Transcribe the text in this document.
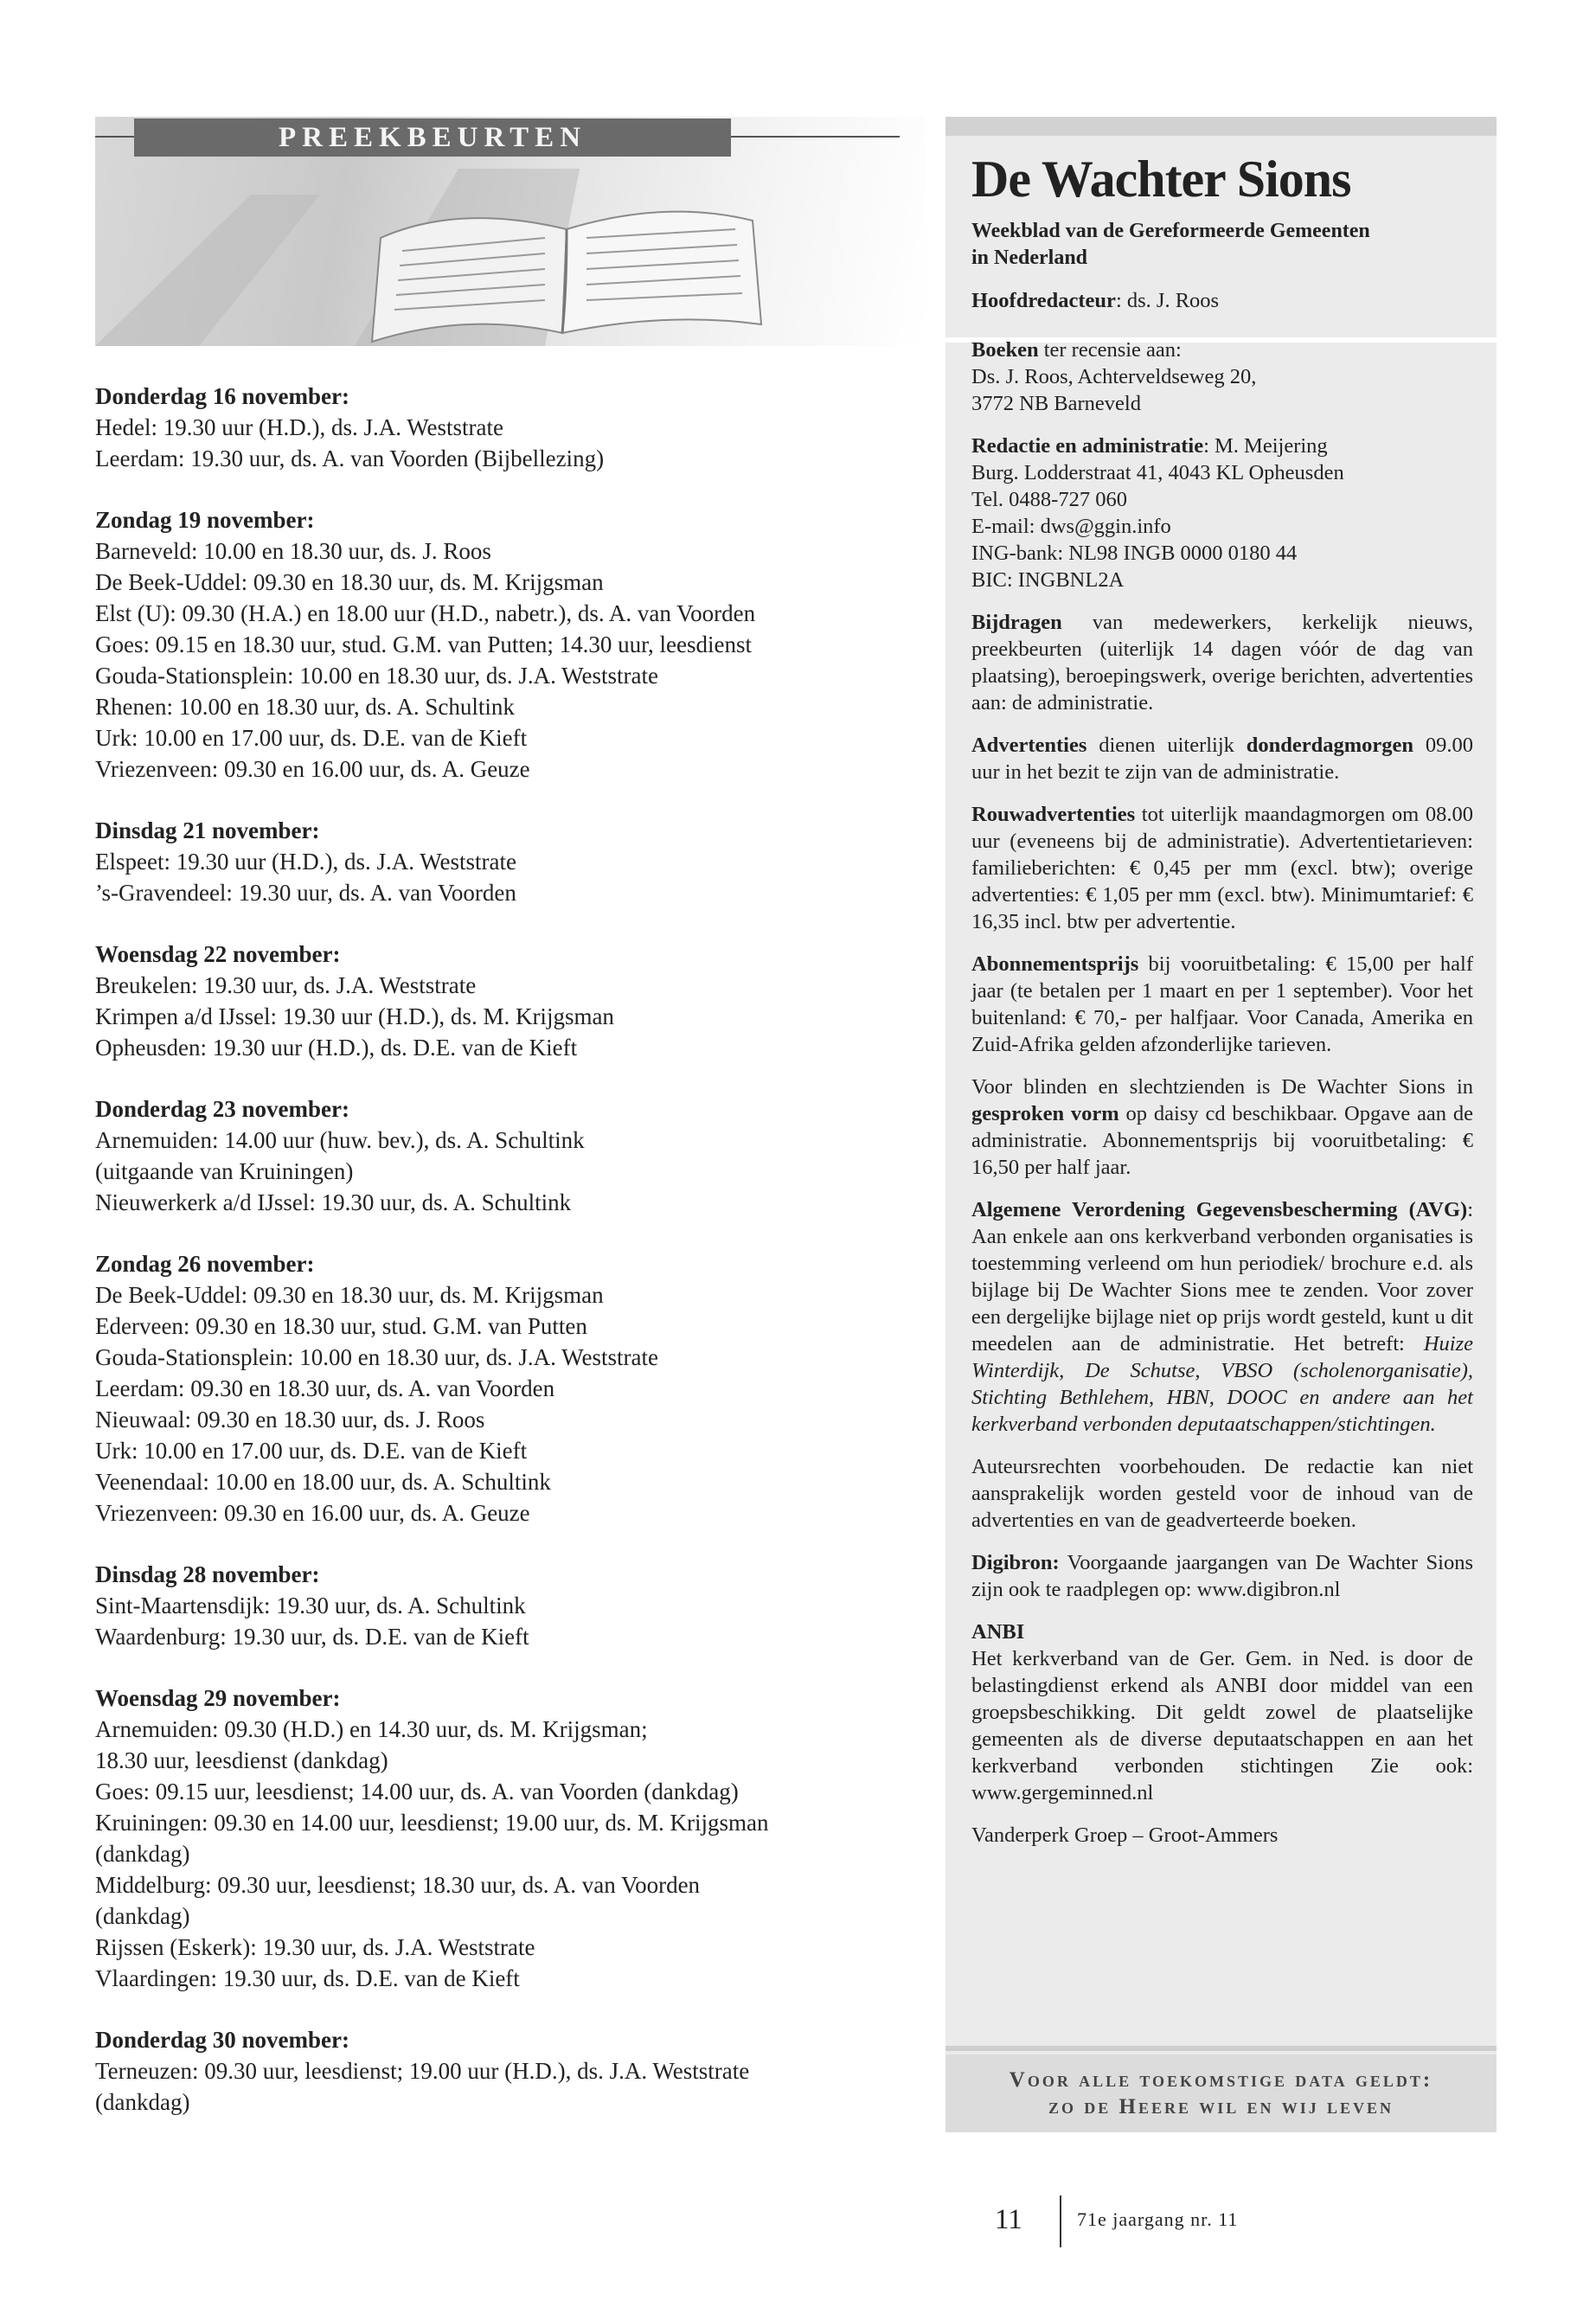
PREEKBEURTEN
Donderdag 16 november:
Hedel: 19.30 uur (H.D.), ds. J.A. Weststrate
Leerdam: 19.30 uur, ds. A. van Voorden (Bijbellezing)
Zondag 19 november:
Barneveld: 10.00 en 18.30 uur, ds. J. Roos
De Beek-Uddel: 09.30 en 18.30 uur, ds. M. Krijgsman
Elst (U): 09.30 (H.A.) en 18.00 uur (H.D., nabetr.), ds. A. van Voorden
Goes: 09.15 en 18.30 uur, stud. G.M. van Putten; 14.30 uur, leesdienst
Gouda-Stationsplein: 10.00 en 18.30 uur, ds. J.A. Weststrate
Rhenen: 10.00 en 18.30 uur, ds. A. Schultink
Urk: 10.00 en 17.00 uur, ds. D.E. van de Kieft
Vriezenveen: 09.30 en 16.00 uur, ds. A. Geuze
Dinsdag 21 november:
Elspeet: 19.30 uur (H.D.), ds. J.A. Weststrate
’s-Gravendeel: 19.30 uur, ds. A. van Voorden
Woensdag 22 november:
Breukelen: 19.30 uur, ds. J.A. Weststrate
Krimpen a/d IJssel: 19.30 uur (H.D.), ds. M. Krijgsman
Opheusden: 19.30 uur (H.D.), ds. D.E. van de Kieft
Donderdag 23 november:
Arnemuiden: 14.00 uur (huw. bev.), ds. A. Schultink
(uitgaande van Kruiningen)
Nieuwerkerk a/d IJssel: 19.30 uur, ds. A. Schultink
Zondag 26 november:
De Beek-Uddel: 09.30 en 18.30 uur, ds. M. Krijgsman
Ederveen: 09.30 en 18.30 uur, stud. G.M. van Putten
Gouda-Stationsplein: 10.00 en 18.30 uur, ds. J.A. Weststrate
Leerdam: 09.30 en 18.30 uur, ds. A. van Voorden
Nieuwaal: 09.30 en 18.30 uur, ds. J. Roos
Urk: 10.00 en 17.00 uur, ds. D.E. van de Kieft
Veenendaal: 10.00 en 18.00 uur, ds. A. Schultink
Vriezenveen: 09.30 en 16.00 uur, ds. A. Geuze
Dinsdag 28 november:
Sint-Maartensdijk: 19.30 uur, ds. A. Schultink
Waardenburg: 19.30 uur, ds. D.E. van de Kieft
Woensdag 29 november:
Arnemuiden: 09.30 (H.D.) en 14.30 uur, ds. M. Krijgsman;
18.30 uur, leesdienst (dankdag)
Goes: 09.15 uur, leesdienst; 14.00 uur, ds. A. van Voorden (dankdag)
Kruiningen: 09.30 en 14.00 uur, leesdienst; 19.00 uur, ds. M. Krijgsman
(dankdag)
Middelburg: 09.30 uur, leesdienst; 18.30 uur, ds. A. van Voorden
(dankdag)
Rijssen (Eskerk): 19.30 uur, ds. J.A. Weststrate
Vlaardingen: 19.30 uur, ds. D.E. van de Kieft
Donderdag 30 november:
Terneuzen: 09.30 uur, leesdienst; 19.00 uur (H.D.), ds. J.A. Weststrate
(dankdag)
De Wachter Sions
Weekblad van de Gereformeerde Gemeenten
in Nederland
Hoofdredacteur: ds. J. Roos
Boeken ter recensie aan:
Ds. J. Roos, Achterveldseweg 20,
3772 NB Barneveld
Redactie en administratie: M. Meijering
Burg. Lodderstraat 41, 4043 KL Opheusden
Tel. 0488-727 060
E-mail: dws@ggin.info
ING-bank: NL98 INGB 0000 0180 44
BIC: INGBNL2A
Bijdragen van medewerkers, kerkelijk nieuws, preekbeurten (uiterlijk 14 dagen vóór de dag van plaatsing), beroepingswerk, overige berichten, advertenties aan: de administratie.
Advertenties dienen uiterlijk donderdagmorgen 09.00 uur in het bezit te zijn van de administratie.
Rouwadvertenties tot uiterlijk maandagmorgen om 08.00 uur (eveneens bij de administratie). Advertentietarieven: familieberichten: € 0,45 per mm (excl. btw); overige advertenties: € 1,05 per mm (excl. btw). Minimumtarief: € 16,35 incl. btw per advertentie.
Abonnementsprijs bij vooruitbetaling: € 15,00 per half jaar (te betalen per 1 maart en per 1 september). Voor het buitenland: € 70,- per halfjaar. Voor Canada, Amerika en Zuid-Afrika gelden afzonderlijke tarieven.
Voor blinden en slechtzienden is De Wachter Sions in gesproken vorm op daisy cd beschikbaar. Opgave aan de administratie. Abonnementsprijs bij vooruitbetaling: € 16,50 per half jaar.
Algemene Verordening Gegevensbescherming (AVG): Aan enkele aan ons kerkverband verbonden organisaties is toestemming verleend om hun periodiek/ brochure e.d. als bijlage bij De Wachter Sions mee te zenden. Voor zover een dergelijke bijlage niet op prijs wordt gesteld, kunt u dit meedelen aan de administratie. Het betreft: Huize Winterdijk, De Schutse, VBSO (scholenorganisatie), Stichting Bethlehem, HBN, DOOC en andere aan het kerkverband verbonden deputaatschappen/stichtingen.
Auteursrechten voorbehouden. De redactie kan niet aansprakelijk worden gesteld voor de inhoud van de advertenties en van de geadverteerde boeken.
Digibron: Voorgaande jaargangen van De Wachter Sions zijn ook te raadplegen op: www.digibron.nl
ANBI
Het kerkverband van de Ger. Gem. in Ned. is door de belastingdienst erkend als ANBI door middel van een groepsbeschikking. Dit geldt zowel de plaatselijke gemeenten als de diverse deputaatschappen en aan het kerkverband verbonden stichtingen Zie ook: www.gergeminned.nl
Vanderperk Groep – Groot-Ammers
Voor alle toekomstige data geldt:
zo de Heere wil en wij leven
11	71e jaargang nr. 11
